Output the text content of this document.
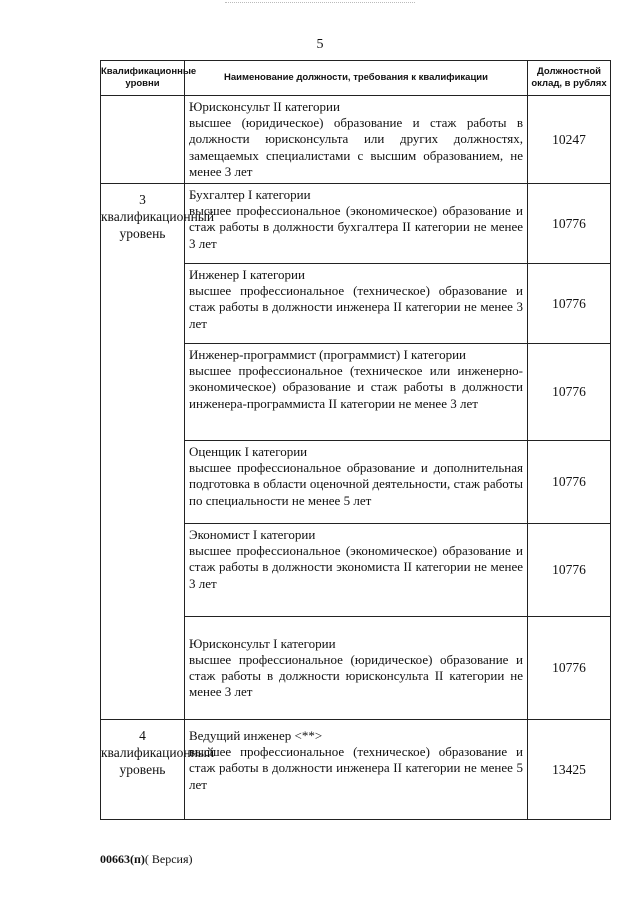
5
Квалификационные уровни	Наименование должности, требования к квалификации	Должностной оклад, в рублях

	Юрисконсульт II категории
высшее (юридическое) образование и стаж работы в должности юрисконсульта или других должностях, замещаемых специалистами с высшим образованием, не менее 3 лет	10247
3 квалификационный уровень	Бухгалтер I категории
высшее профессиональное (экономическое) образование и стаж работы в должности бухгалтера II категории не менее 3 лет	10776

	Инженер I категории
высшее профессиональное (техническое) образование и стаж работы в должности инженера II категории не менее 3 лет	10776

	Инженер-программист (программист) I категории
высшее профессиональное (техническое или инженерно-экономическое) образование и стаж работы в должности инженера-программиста II категории не менее 3 лет	10776

	Оценщик I категории
высшее профессиональное образование и дополнительная подготовка в области оценочной деятельности, стаж работы по специальности не менее 5 лет	10776

	Экономист I категории
высшее профессиональное (экономическое) образование и стаж работы в должности экономиста II категории не менее 3 лет	10776

	Юрисконсульт I категории
высшее профессиональное (юридическое) образование и стаж работы в должности юрисконсульта II категории не менее 3 лет	10776
4 квалификационный уровень	Ведущий инженер <**>
высшее профессиональное (техническое) образование и стаж работы в должности инженера II категории не менее 5 лет	13425
00663(п)( Версия)
